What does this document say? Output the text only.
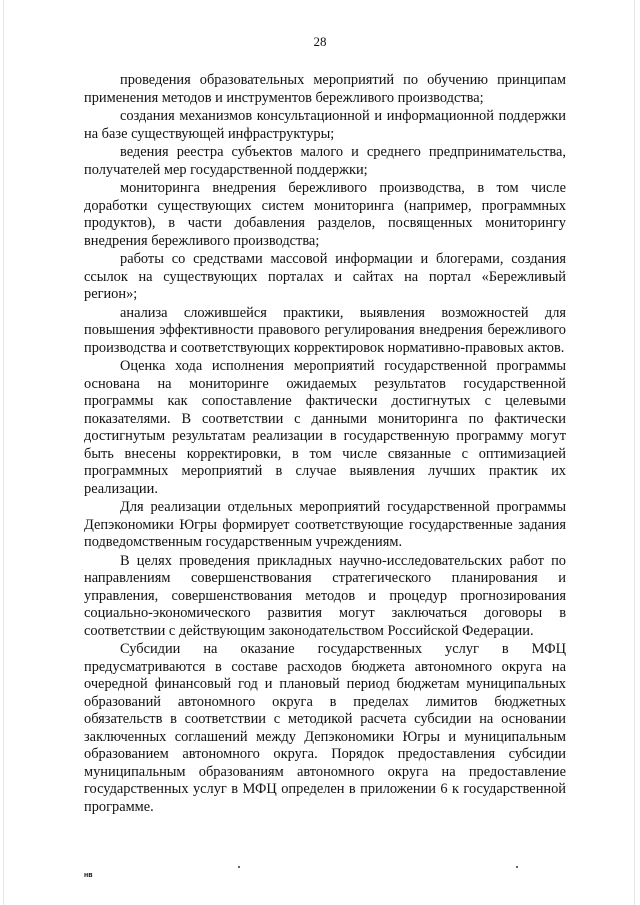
28

проведения образовательных мероприятий по обучению принципам применения методов и инструментов бережливого производства;

создания механизмов консультационной и информационной поддержки на базе существующей инфраструктуры;

ведения реестра субъектов малого и среднего предпринимательства, получателей мер государственной поддержки;

мониторинга внедрения бережливого производства, в том числе доработки существующих систем мониторинга (например, программных продуктов), в части добавления разделов, посвященных мониторингу внедрения бережливого производства;

работы со средствами массовой информации и блогерами, создания ссылок на существующих порталах и сайтах на портал «Бережливый регион»;

анализа сложившейся практики, выявления возможностей для повышения эффективности правового регулирования внедрения бережливого производства и соответствующих корректировок нормативно-правовых актов.

Оценка хода исполнения мероприятий государственной программы основана на мониторинге ожидаемых результатов государственной программы как сопоставление фактически достигнутых с целевыми показателями. В соответствии с данными мониторинга по фактически достигнутым результатам реализации в государственную программу могут быть внесены корректировки, в том числе связанные с оптимизацией программных мероприятий в случае выявления лучших практик их реализации.

Для реализации отдельных мероприятий государственной программы Депэкономики Югры формирует соответствующие государственные задания подведомственным государственным учреждениям.

В целях проведения прикладных научно-исследовательских работ по направлениям совершенствования стратегического планирования и управления, совершенствования методов и процедур прогнозирования социально-экономического развития могут заключаться договоры в соответствии с действующим законодательством Российской Федерации.

Субсидии на оказание государственных услуг в МФЦ предусматриваются в составе расходов бюджета автономного округа на очередной финансовый год и плановый период бюджетам муниципальных образований автономного округа в пределах лимитов бюджетных обязательств в соответствии с методикой расчета субсидии на основании заключенных соглашений между Депэкономики Югры и муниципальным образованием автономного округа. Порядок предоставления субсидии муниципальным образованиям автономного округа на предоставление государственных услуг в МФЦ определен в приложении 6 к государственной программе.

нв
